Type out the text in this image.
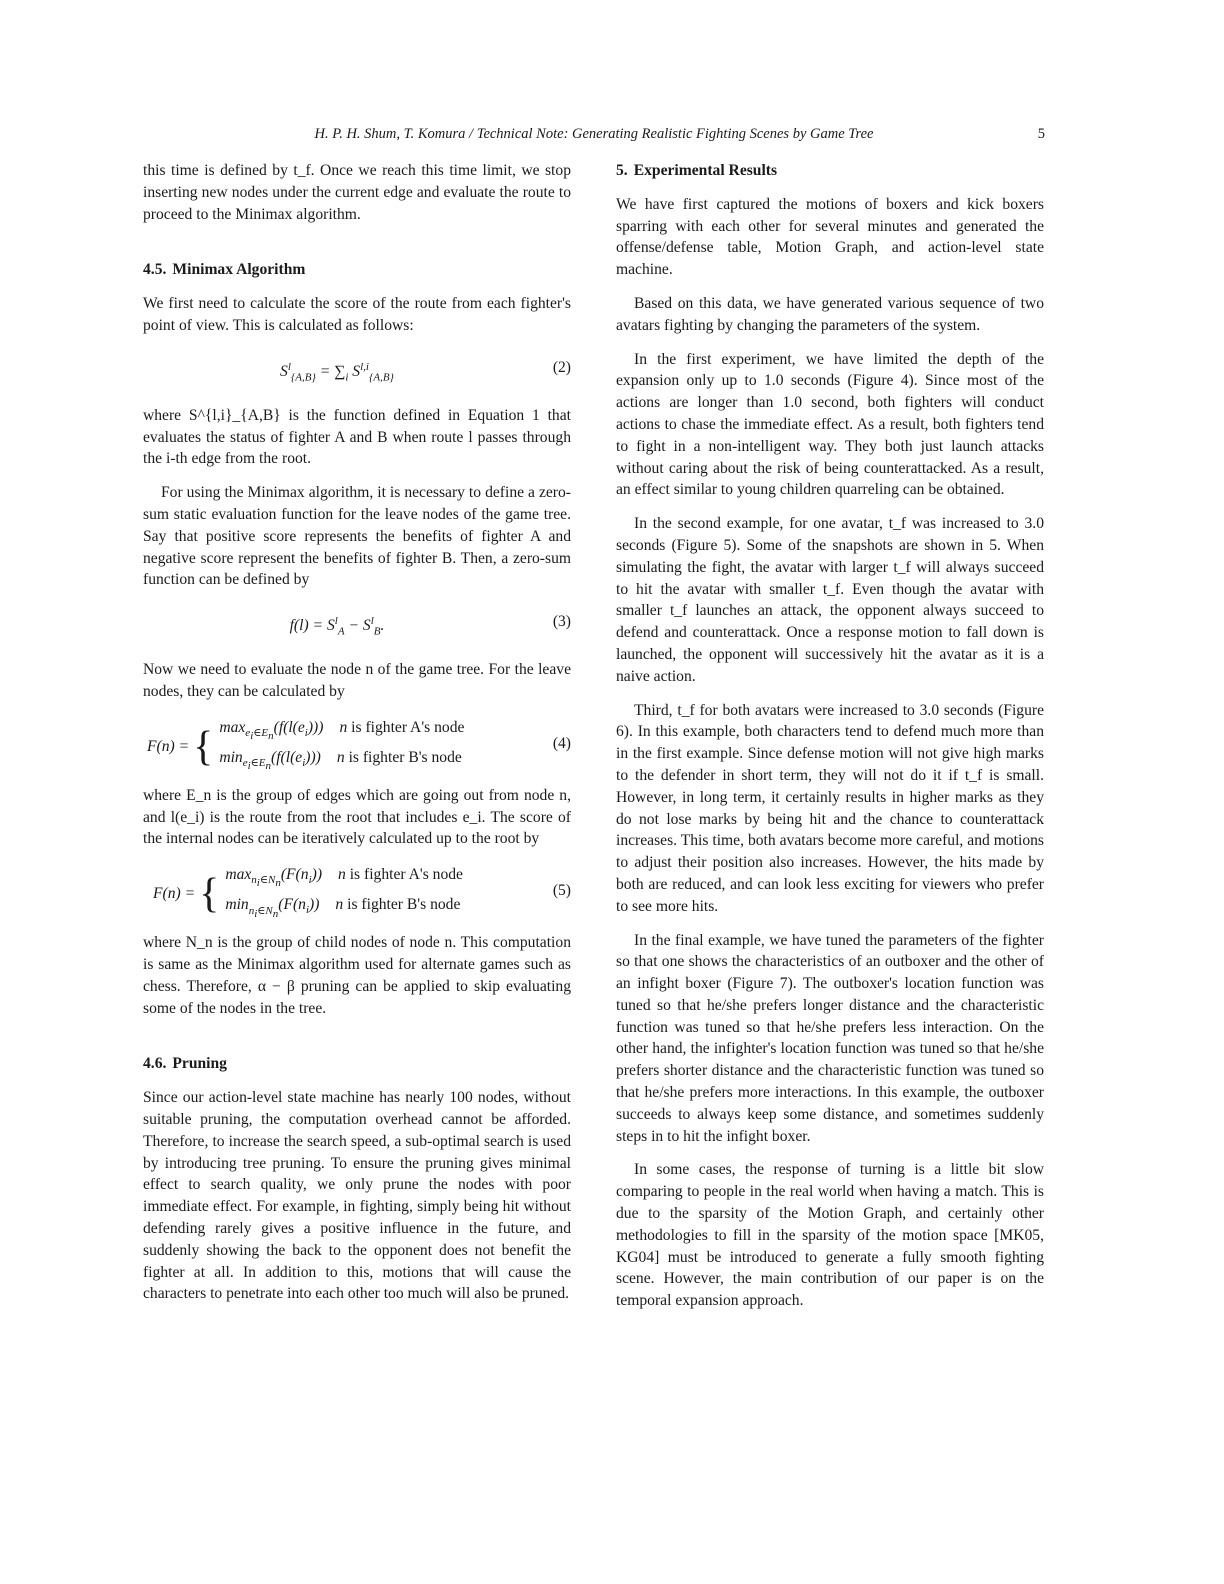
H. P. H. Shum, T. Komura / Technical Note: Generating Realistic Fighting Scenes by Game Tree	5

this time is defined by t_f. Once we reach this time limit, we stop inserting new nodes under the current edge and evaluate the route to proceed to the Minimax algorithm.

4.5. Minimax Algorithm

We first need to calculate the score of the route from each fighter's point of view. This is calculated as follows:

$S^l_{\{A,B\}} = \sum_i$ S$^{l,i}_{\{A,B\}}$
(2)

where S^{l,i}_{A,B} is the function defined in Equation 1 that evaluates the status of fighter A and B when route l passes through the i-th edge from the root.

For using the Minimax algorithm, it is necessary to define a zero-sum static evaluation function for the leave nodes of the game tree. Say that positive score represents the benefits of fighter A and negative score represent the benefits of fighter B. Then, a zero-sum function can be defined by

$f(l) = S^l_A - S^l_B$.	(3)

Now we need to evaluate the node n of the game tree. For the leave nodes, they can be calculated by

F(n) ={ $\max_{e_i\in E_n}(f(l(e_i)))$ n is fighter A's node
$\min_{e_i\in E_n}(f(l(e_i)))$ n is fighter B's node
(4)

where E_n is the group of edges which are going out from node n, and l(e_i) is the route from the root that includes e_i. The score of the internal nodes can be iteratively calculated up to the root by

F(n) ={ $\max_{n_i\in N_n}(F(n_i))$ n is fighter A's node
$\min_{n_i\in N_n}(F(n_i))$ n is fighter B's node
(5)

where N_n is the group of child nodes of node n. This computation is same as the Minimax algorithm used for alternate games such as chess. Therefore, α − β pruning can be applied to skip evaluating some of the nodes in the tree.

4.6. Pruning

Since our action-level state machine has nearly 100 nodes, without suitable pruning, the computation overhead cannot be afforded. Therefore, to increase the search speed, a sub-optimal search is used by introducing tree pruning. To ensure the pruning gives minimal effect to search quality, we only prune the nodes with poor immediate effect. For example, in fighting, simply being hit without defending rarely gives a positive influence in the future, and suddenly showing the back to the opponent does not benefit the fighter at all. In addition to this, motions that will cause the characters to penetrate into each other too much will also be pruned.

5. Experimental Results

We have first captured the motions of boxers and kick boxers sparring with each other for several minutes and generated the offense/defense table, Motion Graph, and action-level state machine.

Based on this data, we have generated various sequence of two avatars fighting by changing the parameters of the system.

In the first experiment, we have limited the depth of the expansion only up to 1.0 seconds (Figure 4). Since most of the actions are longer than 1.0 second, both fighters will conduct actions to chase the immediate effect. As a result, both fighters tend to fight in a non-intelligent way. They both just launch attacks without caring about the risk of being counterattacked. As a result, an effect similar to young children quarreling can be obtained.

In the second example, for one avatar, t_f was increased to 3.0 seconds (Figure 5). Some of the snapshots are shown in 5. When simulating the fight, the avatar with larger t_f will always succeed to hit the avatar with smaller t_f. Even though the avatar with smaller t_f launches an attack, the opponent always succeed to defend and counterattack. Once a response motion to fall down is launched, the opponent will successively hit the avatar as it is a naive action.

Third, t_f for both avatars were increased to 3.0 seconds (Figure 6). In this example, both characters tend to defend much more than in the first example. Since defense motion will not give high marks to the defender in short term, they will not do it if t_f is small. However, in long term, it certainly results in higher marks as they do not lose marks by being hit and the chance to counterattack increases. This time, both avatars become more careful, and motions to adjust their position also increases. However, the hits made by both are reduced, and can look less exciting for viewers who prefer to see more hits.

In the final example, we have tuned the parameters of the fighter so that one shows the characteristics of an outboxer and the other of an infight boxer (Figure 7). The outboxer's location function was tuned so that he/she prefers longer distance and the characteristic function was tuned so that he/she prefers less interaction. On the other hand, the infighter's location function was tuned so that he/she prefers shorter distance and the characteristic function was tuned so that he/she prefers more interactions. In this example, the outboxer succeeds to always keep some distance, and sometimes suddenly steps in to hit the infight boxer.

In some cases, the response of turning is a little bit slow comparing to people in the real world when having a match. This is due to the sparsity of the Motion Graph, and certainly other methodologies to fill in the sparsity of the motion space [MK05, KG04] must be introduced to generate a fully smooth fighting scene. However, the main contribution of our paper is on the temporal expansion approach.
